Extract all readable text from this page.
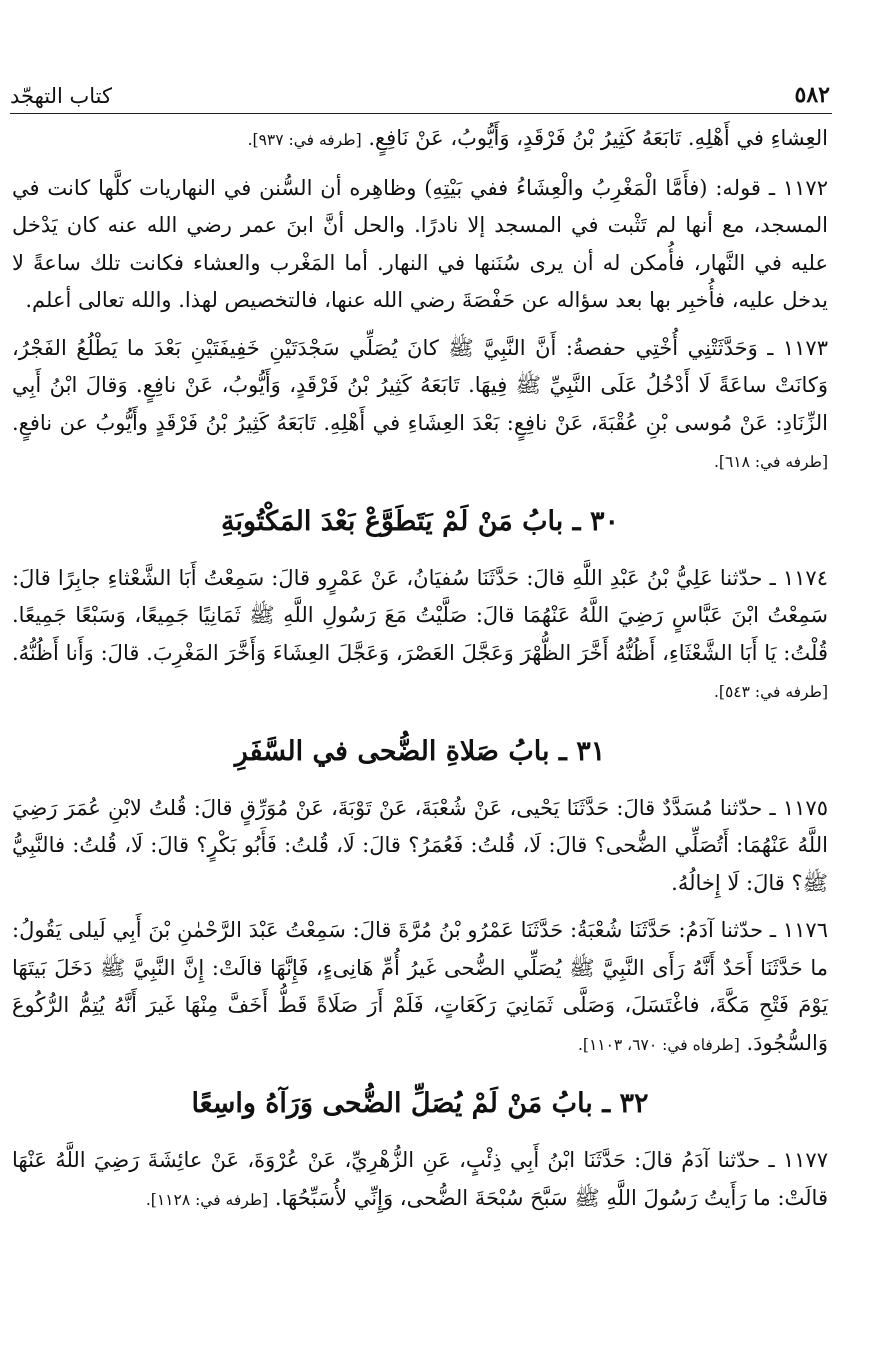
كتاب التهجّد	٥٨٢

العِشاءِ في أَهْلِهِ. تَابَعَهُ كَثِيرُ بْنُ فَرْقَدٍ، وَأَيُّوبُ، عَنْ نَافِعٍ. [طرفه في: ٩٣٧].

١١٧٢ ـ قوله: (فأَمَّا الْمَغْرِبُ والْعِشَاءُ ففي بَيْتِهِ) وظاهِره أن السُّنن في النهاريات كلَّها كانت في المسجد، مع أنها لم تَثْبت في المسجد إلا نادرًا. والحل أنَّ ابنَ عمر رضي الله عنه كان يَدْخل عليه في النَّهار، فأُمكن له أن يرى سُنَنها في النهار. أما المَغْرب والعشاء فكانت تلك ساعةً لا يدخل عليه، فأُخبِر بها بعد سؤاله عن حَفْصَةَ رضي الله عنها، فالتخصيص لهذا. والله تعالى أعلم.

١١٧٣ ـ وَحَدَّثَتْنِي أُخْتِي حفصةُ: أَنَّ النَّبِيَّ ﷺ كانَ يُصَلِّي سَجْدَتَيْنِ خَفِيفَتَيْنِ بَعْدَ ما يَطْلُعُ الفَجْرُ، وَكانَتْ ساعَةً لَا أَدْخُلُ عَلَى النَّبِيِّ ﷺ فِيهَا. تَابَعَهُ كَثِيرُ بْنُ فَرْقَدٍ، وَأَيُّوبُ، عَنْ نافِعٍ. وَقالَ ابْنُ أَبِي الزِّنَادِ: عَنْ مُوسى بْنِ عُقْبَةَ، عَنْ نافِعٍ: بَعْدَ العِشَاءِ في أَهْلِهِ. تَابَعَهُ كَثِيرُ بْنُ فَرْقَدٍ وأَيُّوبُ عن نافعٍ. [طرفه في: ٦١٨].

٣٠ ـ بابُ مَنْ لَمْ يَتَطَوَّعْ بَعْدَ المَكْتُوبَةِ

١١٧٤ ـ حدّثنا عَلِيُّ بْنُ عَبْدِ اللَّهِ قالَ: حَدَّثَنَا سُفيَانُ، عَنْ عَمْرٍو قالَ: سَمِعْتُ أَبَا الشَّعْثاءِ جابِرًا قالَ: سَمِعْتُ ابْنَ عَبَّاسٍ رَضِيَ اللَّهُ عَنْهُمَا قالَ: صَلَّيْتُ مَعَ رَسُولِ اللَّهِ ﷺ ثَمَانِيًا جَمِيعًا، وَسَبْعًا جَمِيعًا. قُلْتُ: يَا أَبَا الشَّعْثَاءِ، أَظُنُّهُ أَخَّرَ الظُّهْرَ وَعَجَّلَ العَصْرَ، وَعَجَّلَ العِشَاءَ وَأَخَّرَ المَغْرِبَ. قالَ: وَأَنا أَظُنُّهُ. [طرفه في: ٥٤٣].

٣١ ـ بابُ صَلاةِ الضُّحى في السَّفَرِ

١١٧٥ ـ حدّثنا مُسَدَّدٌ قالَ: حَدَّثَنَا يَحْيى، عَنْ شُعْبَةَ، عَنْ تَوْبَةَ، عَنْ مُوَرِّقٍ قالَ: قُلتُ لابْنِ عُمَرَ رَضِيَ اللَّهُ عَنْهُمَا: أَتُصَلِّي الضُّحى؟ قالَ: لَا، قُلتُ: فَعُمَرُ؟ قالَ: لَا، قُلتُ: فَأَبُو بَكْرٍ؟ قالَ: لَا، قُلتُ: فالنَّبِيُّ ﷺ؟ قالَ: لَا إِخالُهُ.

١١٧٦ ـ حدّثنا آدَمُ: حَدَّثَنَا شُعْبَةُ: حَدَّثَنَا عَمْرُو بْنُ مُرَّةَ قالَ: سَمِعْتُ عَبْدَ الرَّحْمٰنِ بْنَ أَبِي لَيلى يَقُولُ: ما حَدَّثَنَا أَحَدٌ أَنَّهُ رَأَى النَّبِيَّ ﷺ يُصَلِّي الضُّحى غَيرُ أُمِّ هَانِىءٍ، فَإِنَّهَا قالَتْ: إِنَّ النَّبِيَّ ﷺ دَخَلَ بَيتَهَا يَوْمَ فَتْحِ مَكَّةَ، فاغْتَسَلَ، وَصَلَّى ثَمَانِيَ رَكَعَاتٍ، فَلَمْ أَرَ صَلَاةً قَطُّ أَخَفَّ مِنْهَا غَيرَ أَنَّهُ يُتِمُّ الرُّكُوعَ وَالسُّجُودَ. [طرفاه في: ٦٧٠، ١١٠٣].

٣٢ ـ بابُ مَنْ لَمْ يُصَلِّ الضُّحى وَرَآهُ واسِعًا

١١٧٧ ـ حدّثنا آدَمُ قالَ: حَدَّثَنَا ابْنُ أَبِي ذِئْبٍ، عَنِ الزُّهْرِيِّ، عَنْ عُرْوَةَ، عَنْ عائِشَةَ رَضِيَ اللَّهُ عَنْهَا قالَتْ: ما رَأَيتُ رَسُولَ اللَّهِ ﷺ سَبَّحَ سُبْحَةَ الضُّحى، وَإِنِّي لأُسَبِّحُهَا. [طرفه في: ١١٢٨].
